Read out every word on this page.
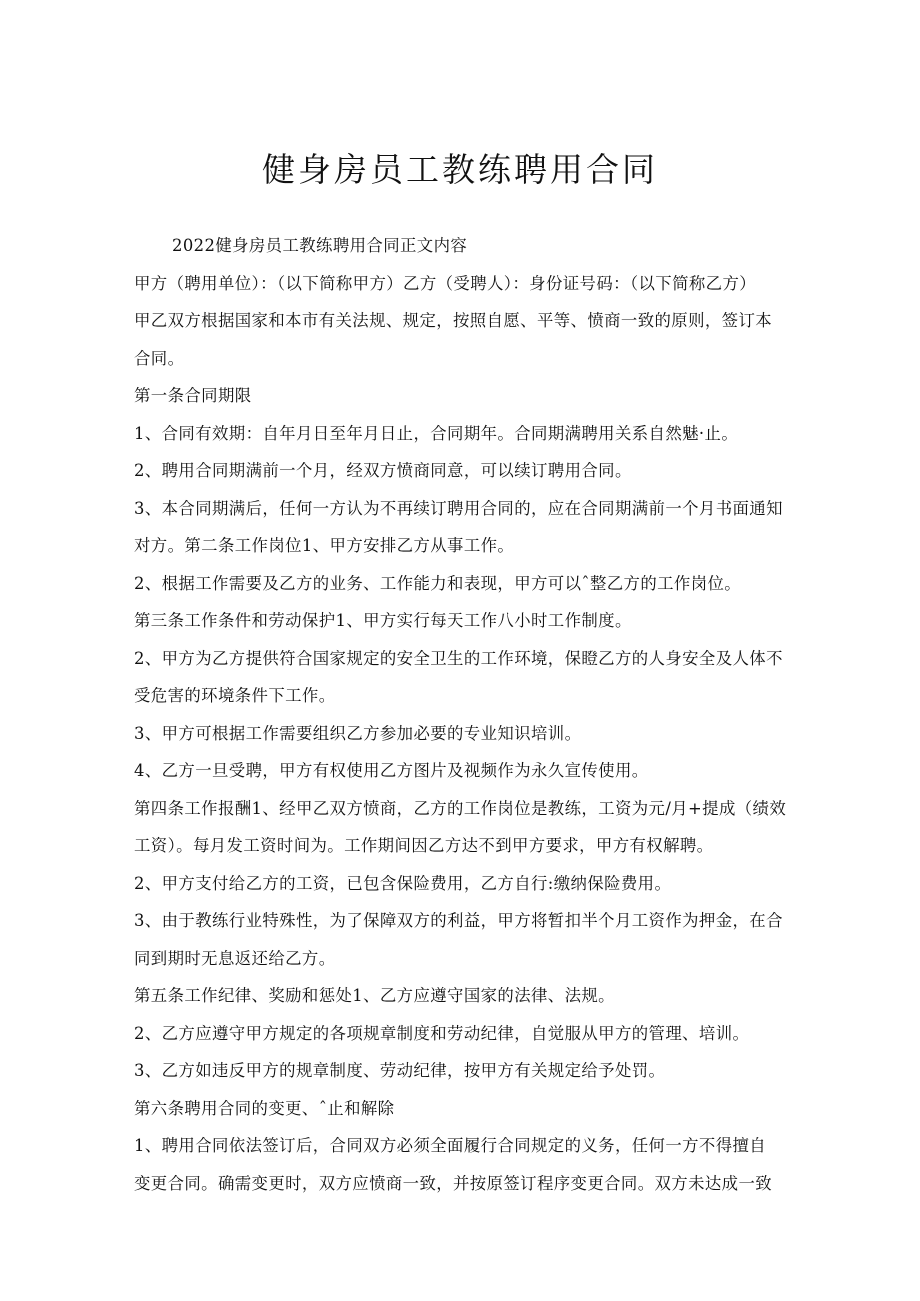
健身房员工教练聘用合同
2022健身房员工教练聘用合同正文内容
甲方（聘用单位）：（以下简称甲方）乙方（受聘人）：身份证号码：（以下简称乙方）
甲乙双方根据国家和本市有关法规、规定，按照自愿、平等、愤商一致的原则，签订本
合同。
第一条合同期限
1、合同有效期：自年月日至年月日止，合同期年。合同期满聘用关系自然魅·止。
2、聘用合同期满前一个月，经双方愤商同意，可以续订聘用合同。
3、本合同期满后，任何一方认为不再续订聘用合同的，应在合同期满前一个月书面通知
对方。第二条工作岗位1、甲方安排乙方从事工作。
2、根据工作需要及乙方的业务、工作能力和表现，甲方可以ˆ整乙方的工作岗位。
第三条工作条件和劳动保护1、甲方实行每天工作八小时工作制度。
2、甲方为乙方提供符合国家规定的安全卫生的工作环境，保瞪乙方的人身安全及人体不
受危害的环境条件下工作。
3、甲方可根据工作需要组织乙方参加必要的专业知识培训。
4、乙方一旦受聘，甲方有权使用乙方图片及视频作为永久宣传使用。
第四条工作报酬1、经甲乙双方愤商，乙方的工作岗位是教练，工资为元/月+提成（绩效
工资）。每月发工资时间为。工作期间因乙方达不到甲方要求，甲方有权解聘。
2、甲方支付给乙方的工资，已包含保险费用，乙方自行:缴纳保险费用。
3、由于教练行业特殊性，为了保障双方的利益，甲方将暂扣半个月工资作为押金，在合
同到期时无息返还给乙方。
第五条工作纪律、奖励和惩处1、乙方应遵守国家的法律、法规。
2、乙方应遵守甲方规定的各项规章制度和劳动纪律，自觉服从甲方的管理、培训。
3、乙方如违反甲方的规章制度、劳动纪律，按甲方有关规定给予处罚。
第六条聘用合同的变更、ˆ止和解除
1、聘用合同依法签订后，合同双方必须全面履行合同规定的义务，任何一方不得擅自
变更合同。确需变更时，双方应愤商一致，并按原签订程序变更合同。双方未达成一致
